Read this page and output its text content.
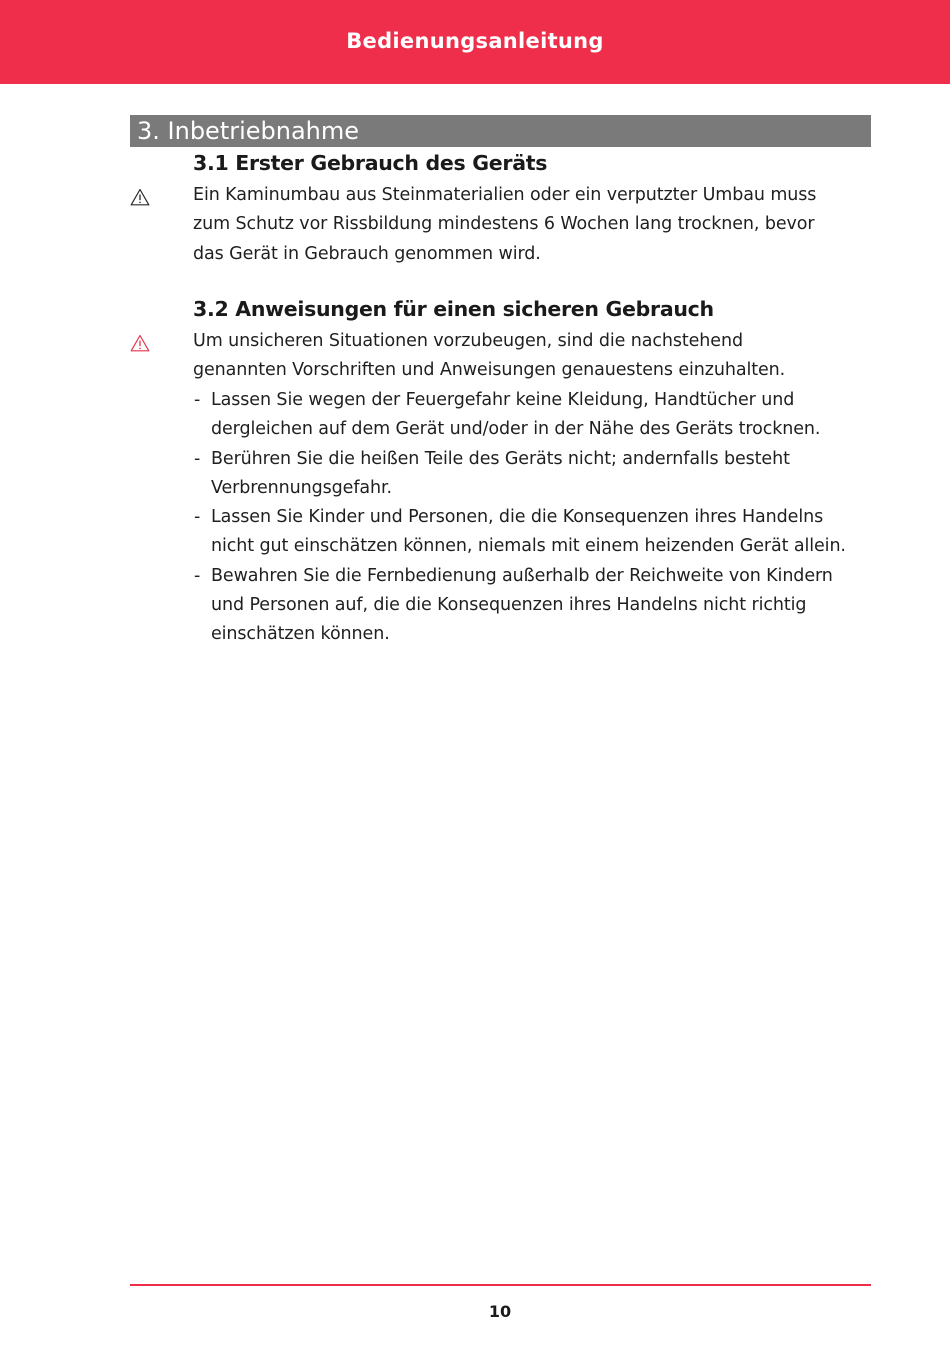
Bedienungsanleitung
3. Inbetriebnahme
3.1 Erster Gebrauch des Geräts
Ein Kaminumbau aus Steinmaterialien oder ein verputzter Umbau muss
zum Schutz vor Rissbildung mindestens 6 Wochen lang trocknen, bevor
das Gerät in Gebrauch genommen wird.
3.2 Anweisungen für einen sicheren Gebrauch
Um unsicheren Situationen vorzubeugen, sind die nachstehend
genannten Vorschriften und Anweisungen genauestens einzuhalten.
- Lassen Sie wegen der Feuergefahr keine Kleidung, Handtücher und
dergleichen auf dem Gerät und/oder in der Nähe des Geräts trocknen.
- Berühren Sie die heißen Teile des Geräts nicht; andernfalls besteht
Verbrennungsgefahr.
- Lassen Sie Kinder und Personen, die die Konsequenzen ihres Handelns
nicht gut einschätzen können, niemals mit einem heizenden Gerät allein.
- Bewahren Sie die Fernbedienung außerhalb der Reichweite von Kindern
und Personen auf, die die Konsequenzen ihres Handelns nicht richtig
einschätzen können.
10
